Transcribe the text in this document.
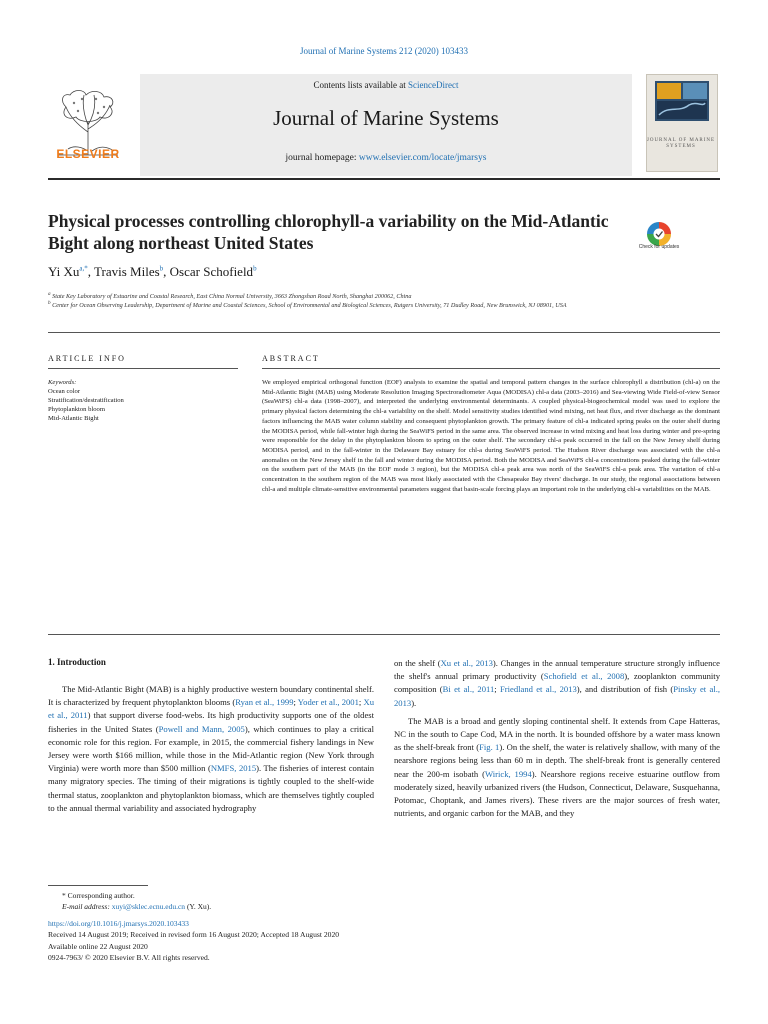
Journal of Marine Systems 212 (2020) 103433
ELSEVIER
Contents lists available at ScienceDirect
Journal of Marine Systems
journal homepage: www.elsevier.com/locate/jmarsys
JOURNAL OF MARINE SYSTEMS
Physical processes controlling chlorophyll-a variability on the Mid-Atlantic Bight along northeast United States	Check for updates
Yi $Xu^{a,*}$, Travis Miles$^b$, Oscar Schofield$^b$
$^a$ State Key Laboratory of Estuarine and Coastal Research, East China Normal University, 3663 Zhongshan Road North, Shanghai 200062, China
$^b$ Center for Ocean Observing Leadership, Department of Marine and Coastal Sciences, School of Environmental and Biological Sciences, Rutgers University, 71 Dudley Road, New Brunswick, NJ 08901, USA
ARTICLE INFO
Keywords:
Ocean color
Stratification/destratification
Phytoplankton bloom
Mid-Atlantic Bight
ABSTRACT
We employed empirical orthogonal function (EOF) analysis to examine the spatial and temporal pattern changes in the surface chlorophyll a distribution (chl-a) on the Mid-Atlantic Bight (MAB) using Moderate Resolution Imaging Spectroradiometer Aqua (MODISA) chl-a data (2003–2016) and Sea-viewing Wide Field-of-view Sensor (SeaWiFS) chl-a data (1998–2007), and interpreted the underlying environmental determinants. A coupled physical-biogeochemical model was used to explore the primary physical factors determining the chl-a variability on the shelf. Model sensitivity studies identified wind mixing, net heat flux, and river discharge as the dominant factors influencing the MAB water column stability and consequent phytoplankton growth. The primary feature of chl-a indicated spring peaks on the outer shelf during the MODISA period, while fall-winter high during the SeaWiFS period in the same area. The observed increase in wind mixing and heat loss during winter and pre-spring were responsible for the delay in the phytoplankton bloom to spring on the outer shelf. The secondary chl-a peak occurred in the fall on the New Jersey shelf during MODISA period, and in the fall-winter in the Delaware Bay estuary for chl-a during SeaWiFS period. The Hudson River discharge was associated with the chl-a anomalies on the New Jersey shelf in the fall and winter during the MODISA period. Both the MODISA and SeaWiFS chl-a concentrations peaked during the fall-winter on the southern part of the MAB (in the EOF mode 3 region), but the MODISA chl-a peak area was north of the SeaWiFS chl-a peak area. The variation of chl-a concentration in the southern region of the MAB was most likely associated with the Chesapeake Bay rivers' discharge. In our study, the regional associations between chl-a and multiple climate-sensitive environmental parameters suggest that basin-scale forcing plays an important role in the underlying chl-a variabilities on the MAB.
1. Introduction

The Mid-Atlantic Bight (MAB) is a highly productive western boundary continental shelf. It is characterized by frequent phytoplankton blooms (Ryan et al., 1999; Yoder et al., 2001; Xu et al., 2011) that support diverse food-webs. Its high productivity supports one of the oldest fisheries in the United States (Powell and Mann, 2005), which continues to play a critical economic role for this region. For example, in 2015, the commercial fishery landings in New Jersey were worth $166 million, while those in the Mid-Atlantic region (New York through Virginia) were worth more than $500 million (NMFS, 2015). The fisheries of interest contain many migratory species. The timing of their migrations is tightly coupled to the shelf-wide thermal status, zooplankton and phytoplankton biomass, which are themselves tightly coupled to the annual thermal variability and associated hydrography

on the shelf (Xu et al., 2013). Changes in the annual temperature structure strongly influence the shelf's annual primary productivity (Schofield et al., 2008), zooplankton community composition (Bi et al., 2011; Friedland et al., 2013), and distribution of fish (Pinsky et al., 2013).

The MAB is a broad and gently sloping continental shelf. It extends from Cape Hatteras, NC in the south to Cape Cod, MA in the north. It is bounded offshore by a water mass known as the shelf-break front (Fig. 1). On the shelf, the water is relatively shallow, with many of the nearshore regions being less than 60 m in depth. The shelf-break front is generally centered near the 200-m isobath (Wirick, 1994). Nearshore regions receive estuarine outflow from moderately sized, heavily urbanized rivers (the Hudson, Connecticut, Delaware, Susquehanna, Potomac, Choptank, and James rivers). These rivers are the major sources of fresh water, nutrients, and organic carbon for the MAB, and they

* Corresponding author.
E-mail address: xuyi@sklec.ecnu.edu.cn (Y. Xu).
https://doi.org/10.1016/j.jmarsys.2020.103433
Received 14 August 2019; Received in revised form 16 August 2020; Accepted 18 August 2020
Available online 22 August 2020
0924-7963/ © 2020 Elsevier B.V. All rights reserved.
